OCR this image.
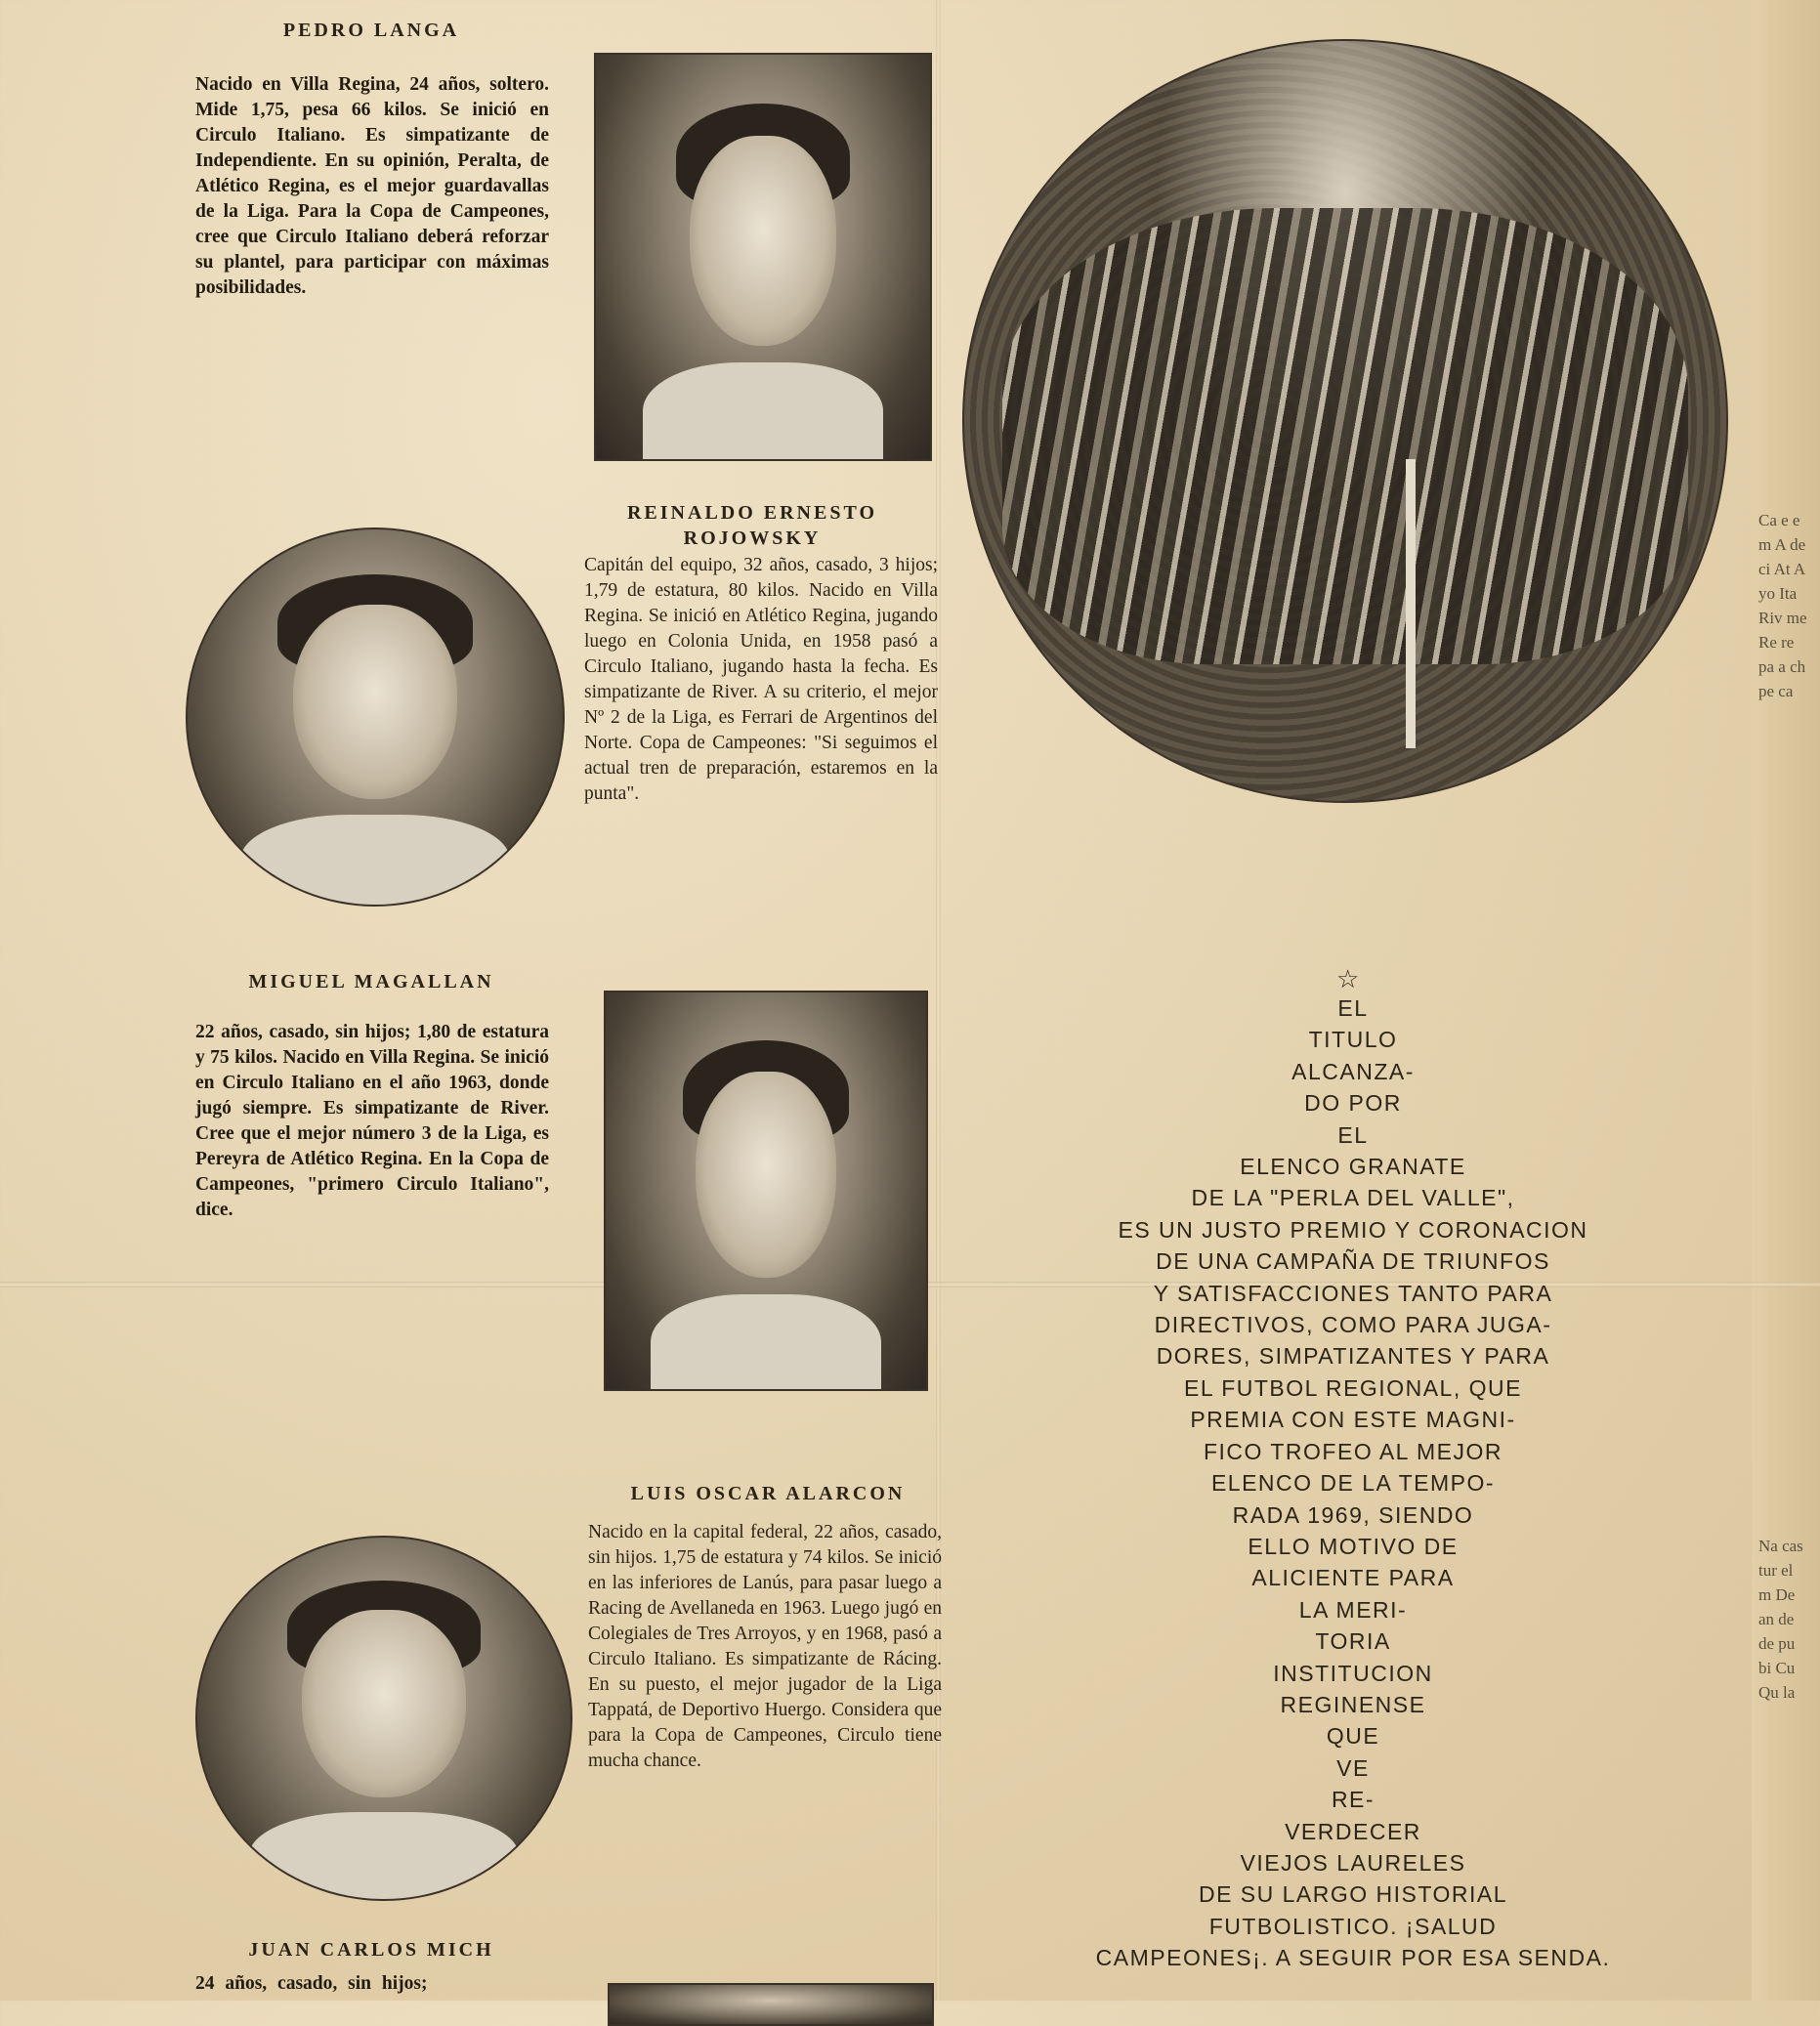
PEDRO LANGA
Nacido en Villa Regina, 24 años, soltero. Mide 1,75, pesa 66 kilos. Se inició en Circulo Italiano. Es simpatizante de Independiente. En su opinión, Peralta, de Atlético Regina, es el mejor guardavallas de la Liga. Para la Copa de Campeones, cree que Circulo Italiano deberá reforzar su plantel, para participar con máximas posibilidades.
REINALDO ERNESTO ROJOWSKY
Capitán del equipo, 32 años, casado, 3 hijos; 1,79 de estatura, 80 kilos. Nacido en Villa Regina. Se inició en Atlético Regina, jugando luego en Colonia Unida, en 1958 pasó a Circulo Italiano, jugando hasta la fecha. Es simpatizante de River. A su criterio, el mejor Nº 2 de la Liga, es Ferrari de Argentinos del Norte. Copa de Campeones: "Si seguimos el actual tren de preparación, estaremos en la punta".
MIGUEL MAGALLAN
22 años, casado, sin hijos; 1,80 de estatura y 75 kilos. Nacido en Villa Regina. Se inició en Circulo Italiano en el año 1963, donde jugó siempre. Es simpatizante de River. Cree que el mejor número 3 de la Liga, es Pereyra de Atlético Regina. En la Copa de Campeones, "primero Circulo Italiano", dice.
LUIS OSCAR ALARCON
Nacido en la capital federal, 22 años, casado, sin hijos. 1,75 de estatura y 74 kilos. Se inició en las inferiores de Lanús, para pasar luego a Racing de Avellaneda en 1963. Luego jugó en Colegiales de Tres Arroyos, y en 1968, pasó a Circulo Italiano. Es simpatizante de Rácing. En su puesto, el mejor jugador de la Liga Tappatá, de Deportivo Huergo. Considera que para la Copa de Campeones, Circulo tiene mucha chance.
JUAN CARLOS MICH
24 años, casado, sin hijos;
☆
EL
TITULO
ALCANZA-
DO POR
EL
ELENCO GRANATE
DE LA "PERLA DEL VALLE",
ES UN JUSTO PREMIO Y CORONACION
DE UNA CAMPAÑA DE TRIUNFOS
Y SATISFACCIONES TANTO PARA
DIRECTIVOS, COMO PARA JUGA-
DORES, SIMPATIZANTES Y PARA
EL FUTBOL REGIONAL, QUE
PREMIA CON ESTE MAGNI-
FICO TROFEO AL MEJOR
ELENCO DE LA TEMPO-
RADA 1969, SIENDO
ELLO MOTIVO DE
ALICIENTE PARA
LA MERI-
TORIA
INSTITUCION
REGINENSE
QUE
VE
RE-
VERDECER
VIEJOS LAURELES
DE SU LARGO HISTORIAL
FUTBOLISTICO. ¡SALUD
CAMPEONES¡. A SEGUIR POR ESA SENDA.
Ca e e m A de ci At A yo Ita Riv me Re re pa a ch pe ca
Na cas tur el m De an de de pu bi Cu Qu la
